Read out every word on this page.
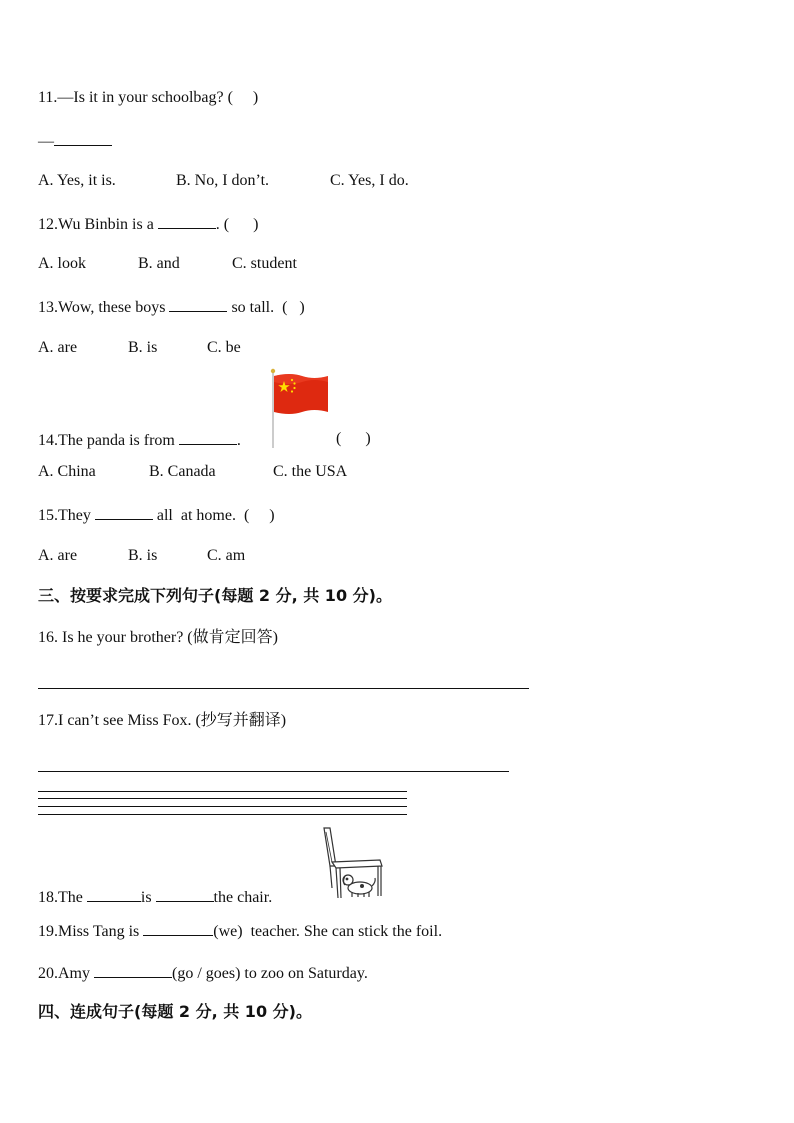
11.—Is it in your schoolbag? (     )
—
A. Yes, it is.	B. No, I don’t.	C. Yes, I do.
12.Wu Binbin is a	. (      )
A. look	B. and	C. student
13.Wow, these boys	so tall.  (   )
A. are	B. is	C. be
14.The panda is from	.	(      )
A. China	B. Canada	C. the USA
15.They	all  at home.  (     )
A. are	B. is	C. am
三、按要求完成下列句子(每题 2 分, 共 10 分)。
16. Is he your brother? (做肯定回答)
17.I can’t see Miss Fox. (抄写并翻译)
18.The	is	the chair.
19.Miss Tang is	(we)  teacher. She can stick the foil.
20.Amy	(go / goes) to zoo on Saturday.
四、连成句子(每题 2 分, 共 10 分)。
